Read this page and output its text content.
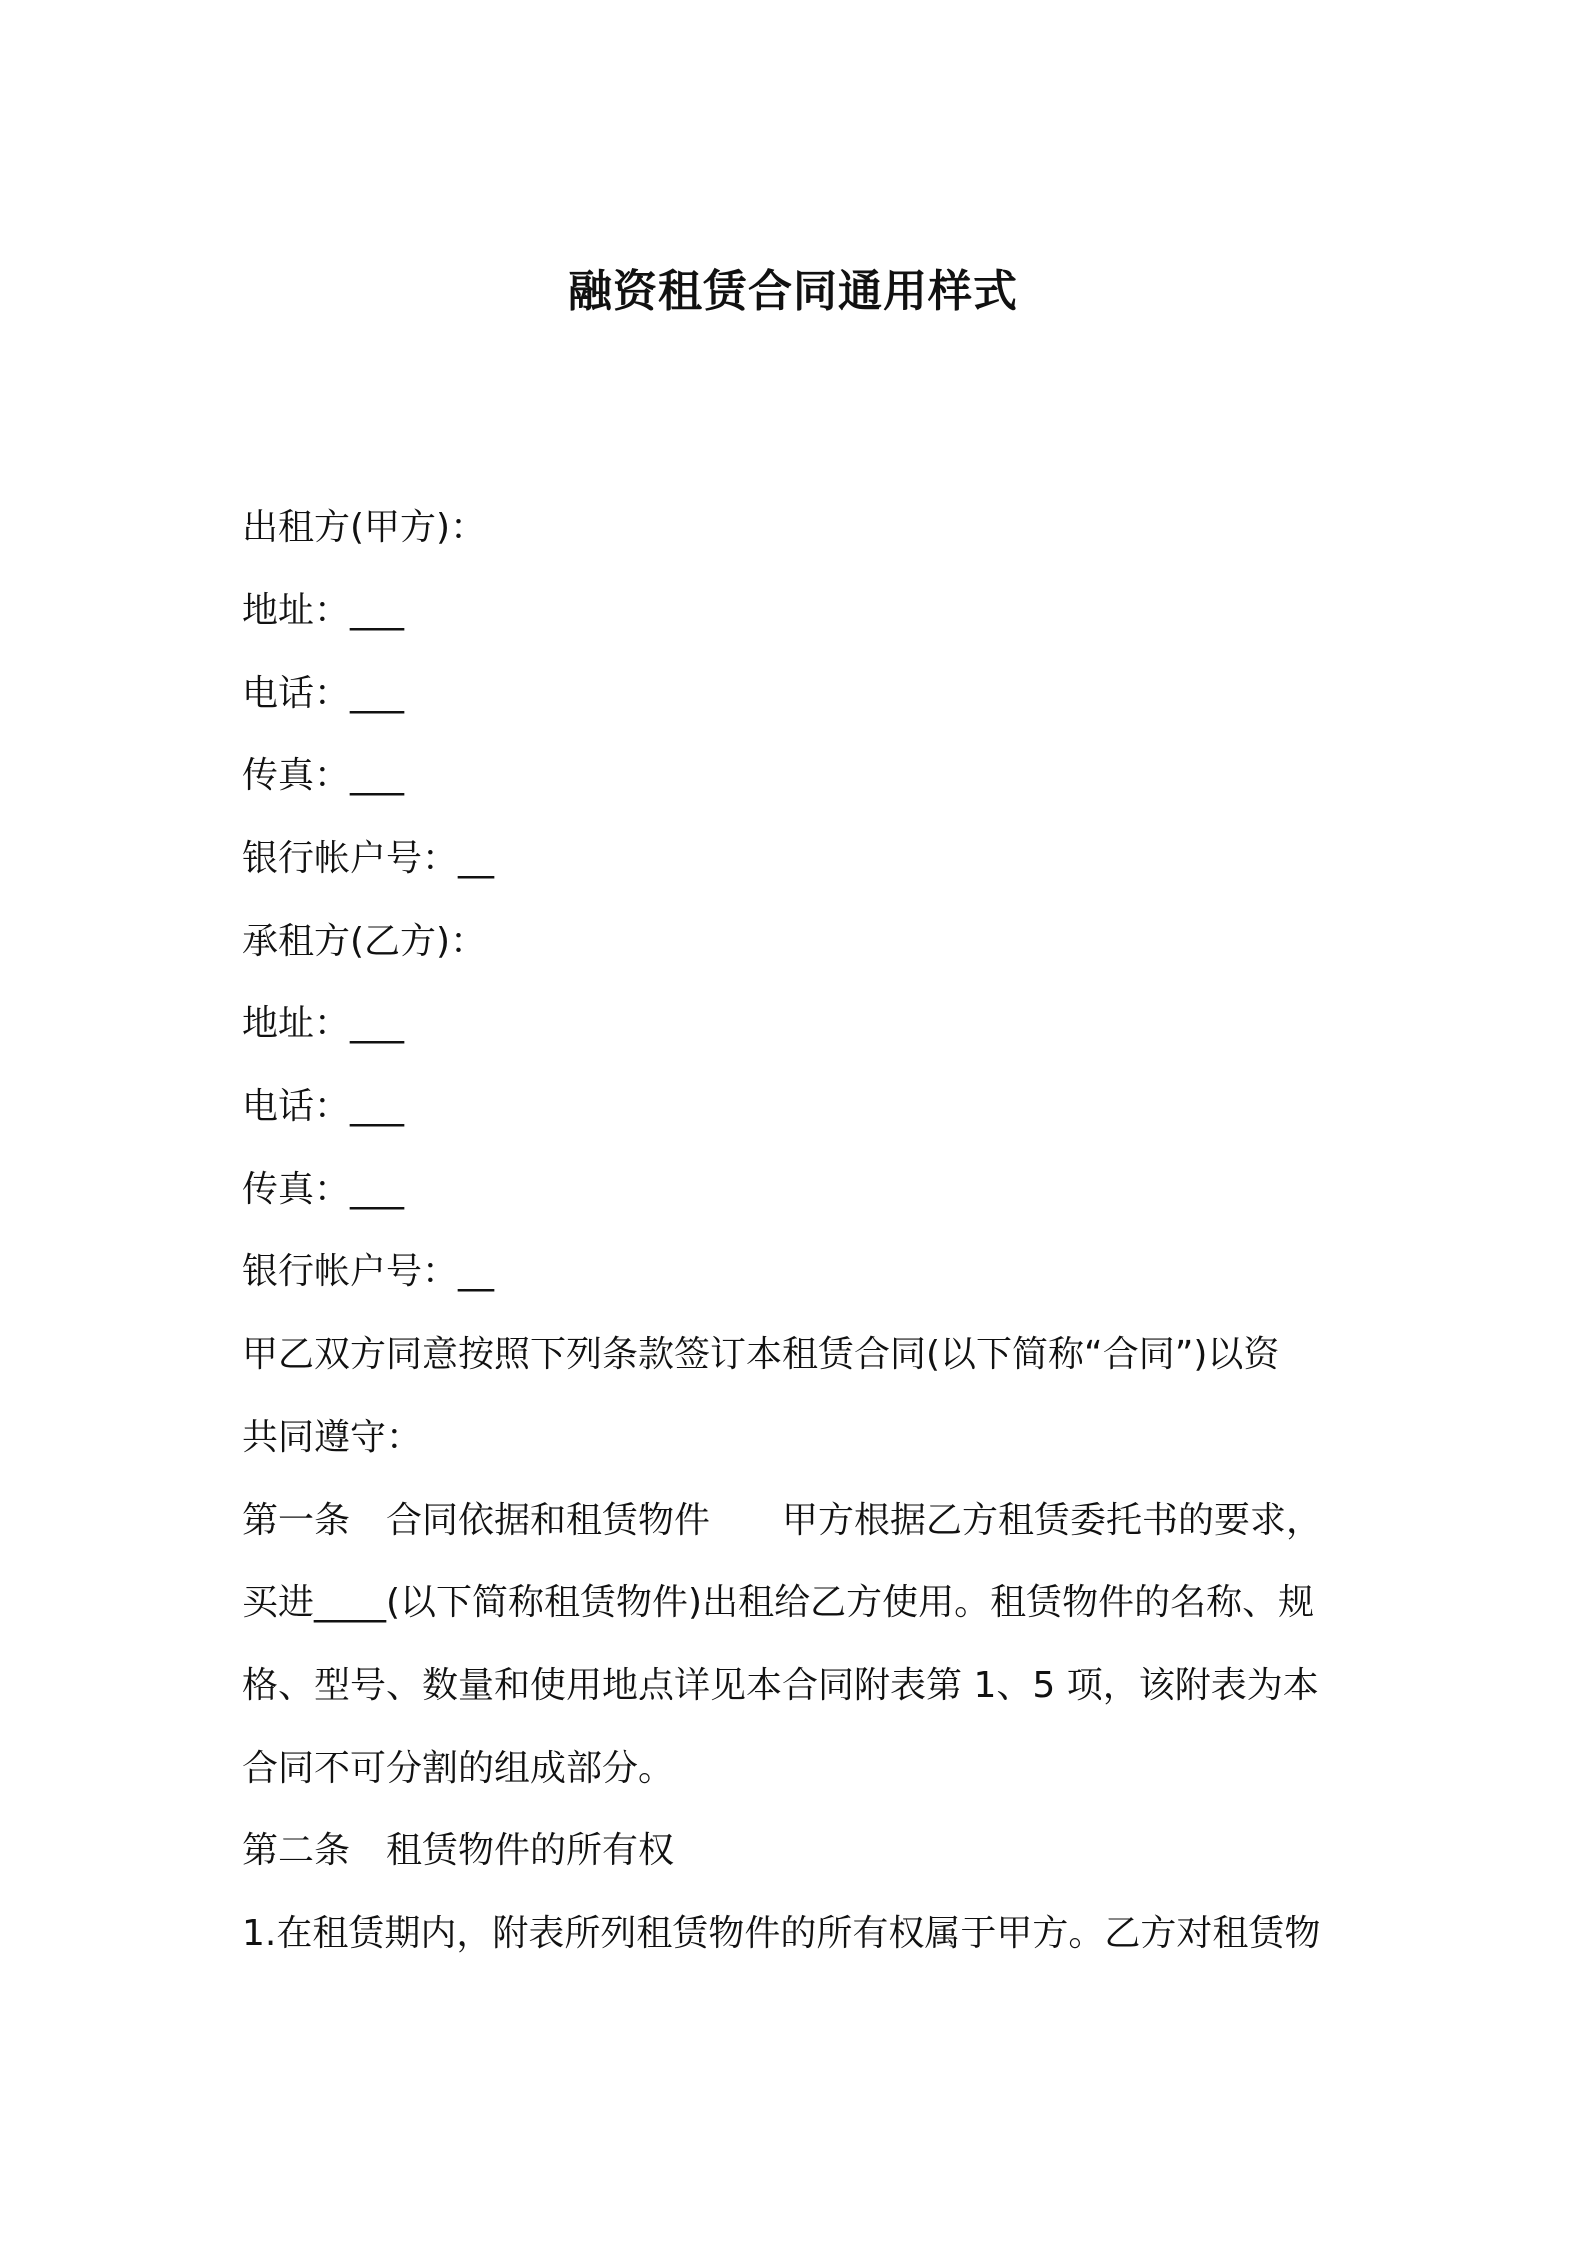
融资租赁合同通用样式
出租方(甲方)：
地址：___
电话：___
传真：___
银行帐户号：__
承租方(乙方)：
地址：___
电话：___
传真：___
银行帐户号：__
甲乙双方同意按照下列条款签订本租赁合同(以下简称“合同”)以资
共同遵守：
第一条　合同依据和租赁物件　　甲方根据乙方租赁委托书的要求，
买进____(以下简称租赁物件)出租给乙方使用。租赁物件的名称、规
格、型号、数量和使用地点详见本合同附表第 1、5 项，该附表为本
合同不可分割的组成部分。
第二条　租赁物件的所有权
1.在租赁期内，附表所列租赁物件的所有权属于甲方。乙方对租赁物
